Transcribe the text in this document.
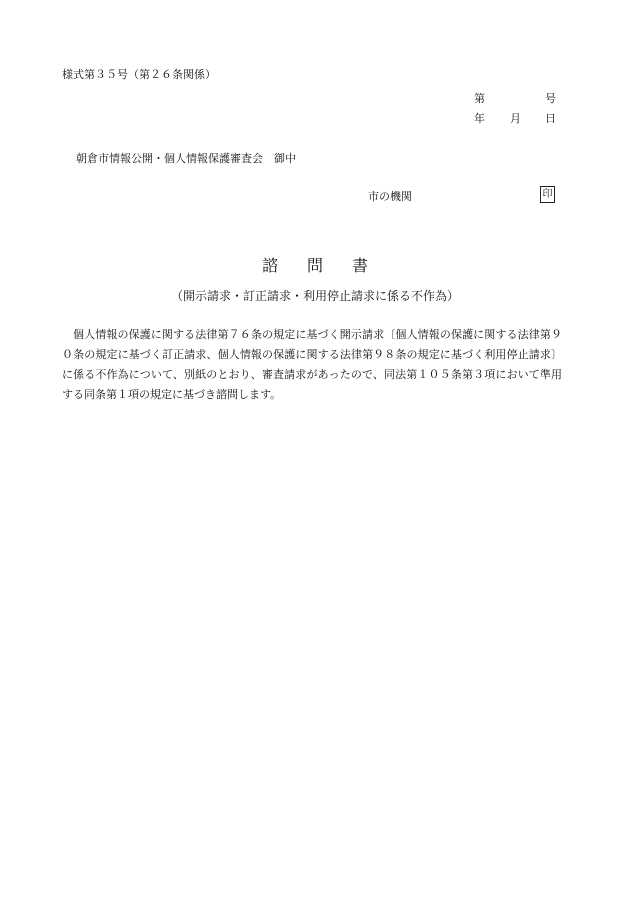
様式第３５号（第２６条関係）
第	号
年 月 日
朝倉市情報公開・個人情報保護審査会　御中
市の機関	印
諮問書
（開示請求・訂正請求・利用停止請求に係る不作為）
個人情報の保護に関する法律第７６条の規定に基づく開示請求〔個人情報の保護に関する法律第９０条の規定に基づく訂正請求、個人情報の保護に関する法律第９８条の規定に基づく利用停止請求〕に係る不作為について、別紙のとおり、審査請求があったので、同法第１０５条第３項において準用する同条第１項の規定に基づき諮問します。
